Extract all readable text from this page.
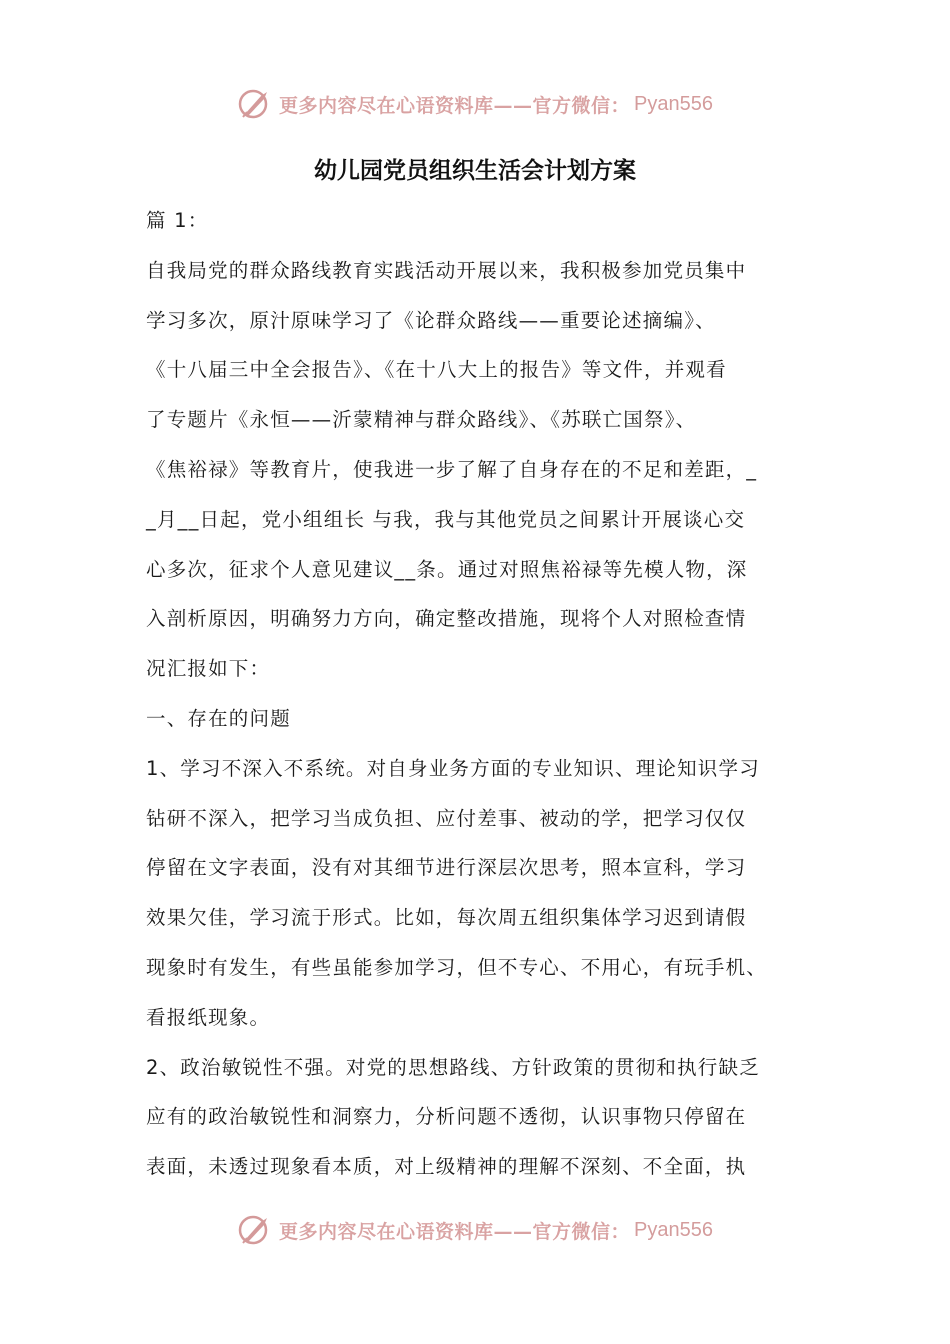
更多内容尽在心语资料库——官方微信： Pyan556
幼儿园党员组织生活会计划方案
篇 1：
自我局党的群众路线教育实践活动开展以来，我积极参加党员集中
学习多次，原汁原味学习了《论群众路线——重要论述摘编》、
《十八届三中全会报告》、《在十八大上的报告》等文件，并观看
了专题片《永恒——沂蒙精神与群众路线》、《苏联亡国祭》、
《焦裕禄》等教育片，使我进一步了解了自身存在的不足和差距，_
_月__日起，党小组组长 与我，我与其他党员之间累计开展谈心交
心多次，征求个人意见建议__条。通过对照焦裕禄等先模人物，深
入剖析原因，明确努力方向，确定整改措施，现将个人对照检查情
况汇报如下：
一、存在的问题
1、学习不深入不系统。对自身业务方面的专业知识、理论知识学习
钻研不深入，把学习当成负担、应付差事、被动的学，把学习仅仅
停留在文字表面，没有对其细节进行深层次思考，照本宣科，学习
效果欠佳，学习流于形式。比如，每次周五组织集体学习迟到请假
现象时有发生，有些虽能参加学习，但不专心、不用心，有玩手机、
看报纸现象。
2、政治敏锐性不强。对党的思想路线、方针政策的贯彻和执行缺乏
应有的政治敏锐性和洞察力，分析问题不透彻，认识事物只停留在
表面，未透过现象看本质，对上级精神的理解不深刻、不全面，执
更多内容尽在心语资料库——官方微信： Pyan556
